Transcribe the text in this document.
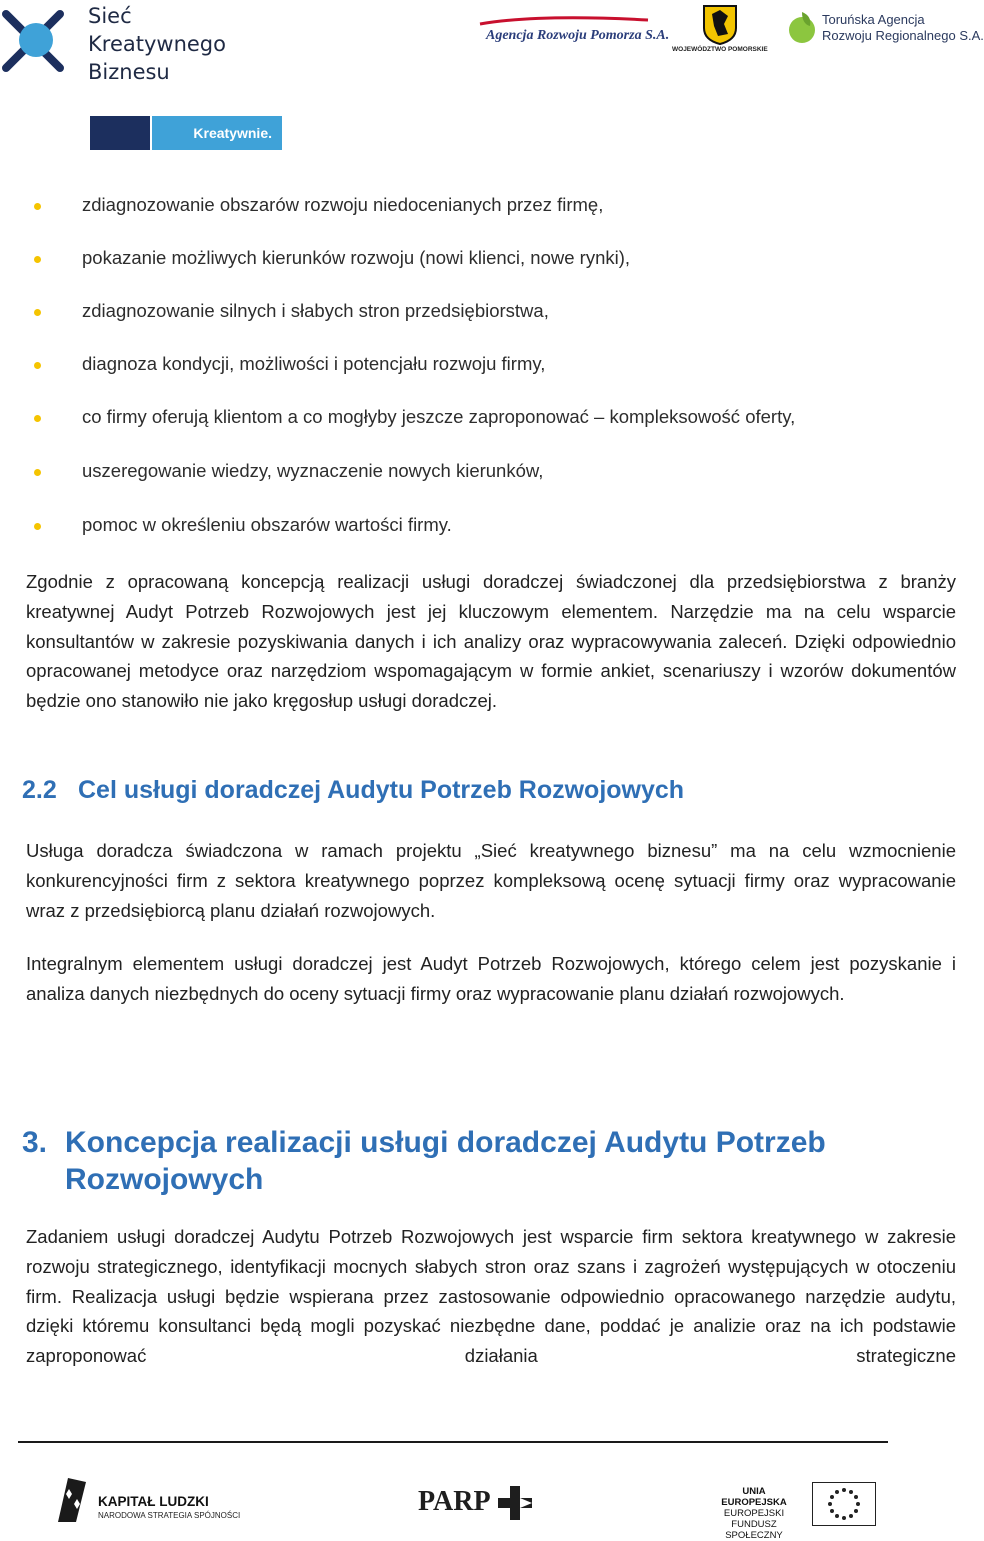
Sieć
Kreatywnego
Biznesu
Kreatywnie.
Agencja Rozwoju Pomorza S.A.
WOJEWÓDZTWO POMORSKIE
Toruńska Agencja
Rozwoju Regionalnego S.A.
zdiagnozowanie obszarów rozwoju niedocenianych przez firmę,
pokazanie możliwych kierunków rozwoju (nowi klienci, nowe rynki),
zdiagnozowanie silnych i słabych stron przedsiębiorstwa,
diagnoza kondycji, możliwości i potencjału rozwoju firmy,
co firmy oferują klientom a co mogłyby jeszcze zaproponować – kompleksowość oferty,
uszeregowanie wiedzy, wyznaczenie nowych kierunków,
pomoc w określeniu obszarów wartości firmy.

Zgodnie z opracowaną koncepcją realizacji usługi doradczej świadczonej dla przedsiębiorstwa z branży kreatywnej Audyt Potrzeb Rozwojowych jest jej kluczowym elementem. Narzędzie ma na celu wsparcie konsultantów w zakresie pozyskiwania danych i ich analizy oraz wypracowywania zaleceń. Dzięki odpowiednio opracowanej metodyce oraz narzędziom wspomagającym w formie ankiet, scenariuszy i wzorów dokumentów będzie ono stanowiło nie jako kręgosłup usługi doradczej.

2.2 Cel usługi doradczej Audytu Potrzeb Rozwojowych

Usługa doradcza świadczona w ramach projektu „Sieć kreatywnego biznesu” ma na celu wzmocnienie konkurencyjności firm z sektora kreatywnego poprzez kompleksową ocenę sytuacji firmy oraz wypracowanie wraz z przedsiębiorcą planu działań rozwojowych.

Integralnym elementem usługi doradczej jest Audyt Potrzeb Rozwojowych, którego celem jest pozyskanie i analiza danych niezbędnych do oceny sytuacji firmy oraz wypracowanie planu działań rozwojowych.

3. Koncepcja realizacji usługi doradczej Audytu Potrzeb Rozwojowych

Zadaniem usługi doradczej Audytu Potrzeb Rozwojowych jest wsparcie firm sektora kreatywnego w zakresie rozwoju strategicznego, identyfikacji mocnych słabych stron oraz szans i zagrożeń występujących w otoczeniu firm. Realizacja usługi będzie wspierana przez zastosowanie odpowiednio opracowanego narzędzie audytu, dzięki któremu konsultanci będą mogli pozyskać niezbędne dane, poddać je analizie oraz na ich podstawie zaproponować działania strategiczne

KAPITAŁ LUDZKI
NARODOWA STRATEGIA SPÓJNOŚCI	PARP	UNIA EUROPEJSKA
EUROPEJSKI
FUNDUSZ SPOŁECZNY
